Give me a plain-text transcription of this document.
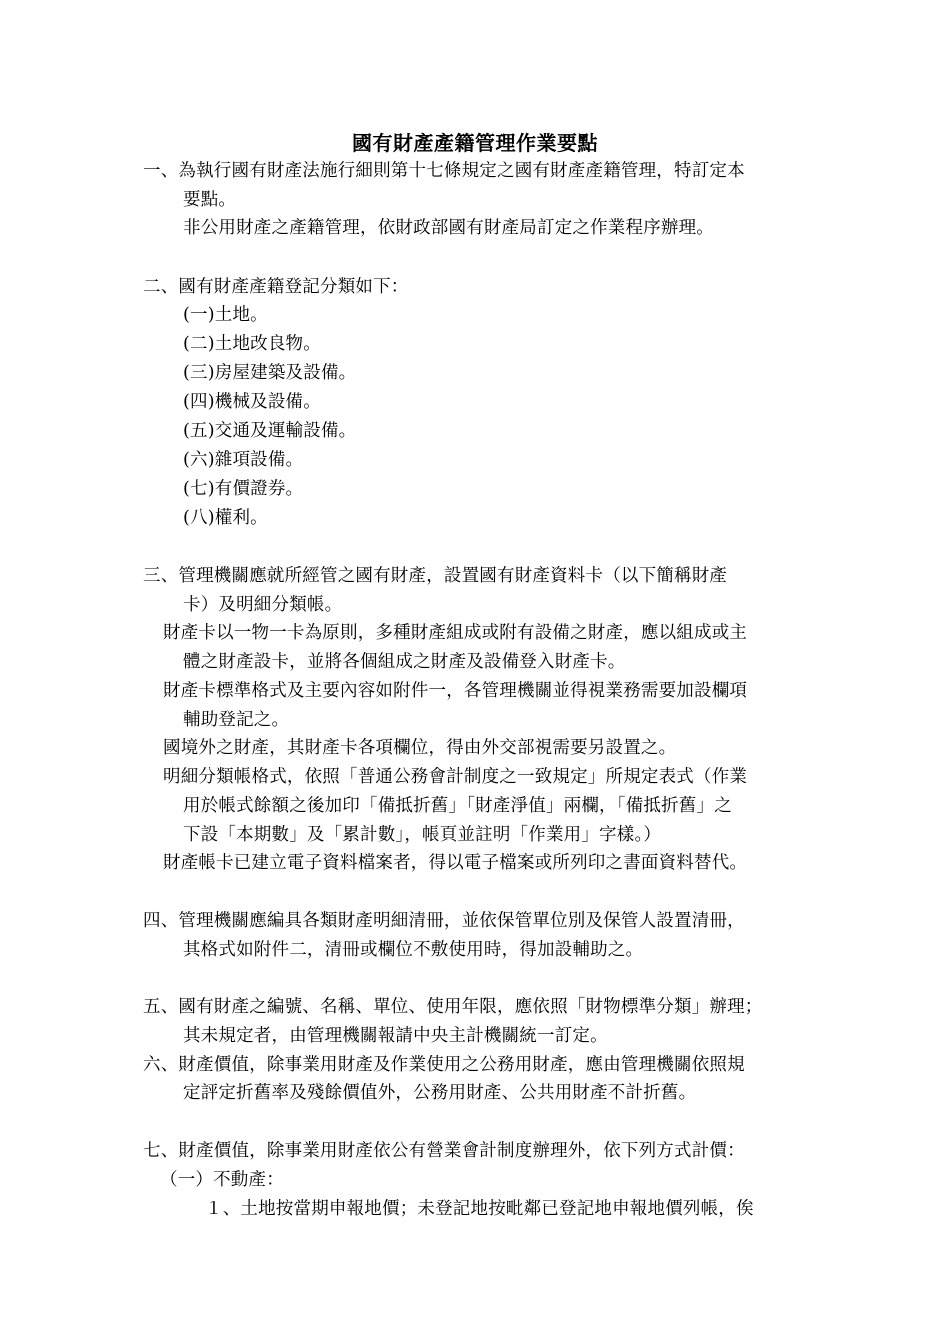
國有財產產籍管理作業要點
一、為執行國有財產法施行細則第十七條規定之國有財產產籍管理，特訂定本
要點。
非公用財產之產籍管理，依財政部國有財產局訂定之作業程序辦理。
二、國有財產產籍登記分類如下：
(一)土地。
(二)土地改良物。
(三)房屋建築及設備。
(四)機械及設備。
(五)交通及運輸設備。
(六)雜項設備。
(七)有價證券。
(八)權利。
三、管理機關應就所經管之國有財產，設置國有財產資料卡（以下簡稱財產
卡）及明細分類帳。
財產卡以一物一卡為原則，多種財產組成或附有設備之財產，應以組成或主
體之財產設卡，並將各個組成之財產及設備登入財產卡。
財產卡標準格式及主要內容如附件一，各管理機關並得視業務需要加設欄項
輔助登記之。
國境外之財產，其財產卡各項欄位，得由外交部視需要另設置之。
明細分類帳格式，依照「普通公務會計制度之一致規定」所規定表式（作業
用於帳式餘額之後加印「備抵折舊」「財產淨值」兩欄，「備抵折舊」之
下設「本期數」及「累計數」，帳頁並註明「作業用」字樣。）
財產帳卡已建立電子資料檔案者，得以電子檔案或所列印之書面資料替代。
四、管理機關應編具各類財產明細清冊，並依保管單位別及保管人設置清冊，
其格式如附件二，清冊或欄位不敷使用時，得加設輔助之。
五、國有財產之編號、名稱、單位、使用年限，應依照「財物標準分類」辦理；
其未規定者，由管理機關報請中央主計機關統一訂定。
六、財產價值，除事業用財產及作業使用之公務用財產，應由管理機關依照規
定評定折舊率及殘餘價值外，公務用財產、公共用財產不計折舊。
七、財產價值，除事業用財產依公有營業會計制度辦理外，依下列方式計價：
（一）不動產：
１、土地按當期申報地價；未登記地按毗鄰已登記地申報地價列帳，俟
